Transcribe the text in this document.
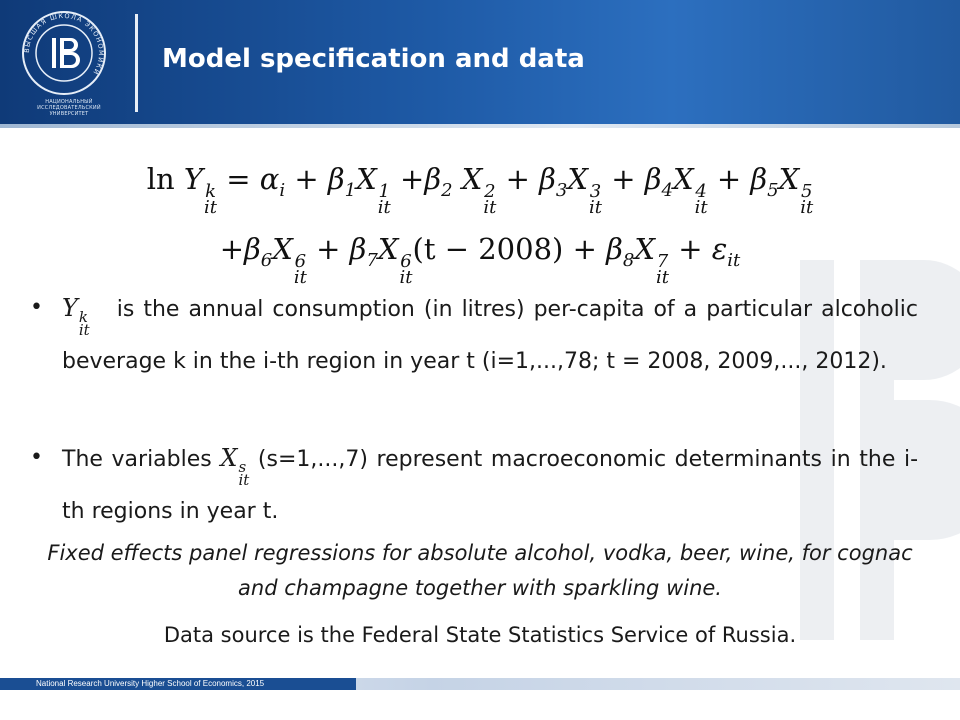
ВЫСШАЯ ШКОЛА ЭКОНОМИКИ
НАЦИОНАЛЬНЫЙ ИССЛЕДОВАТЕЛЬСКИЙ
УНИВЕРСИТЕТ
Model specification and data
ln Y k
it
= $\alpha_i + \beta_1X$ 1
it
$+\beta_2$ X 2
it
+ $\beta_3X$ 3
it
+ $\beta_4X$ 4
it
+ $\beta_5X$ 5
it
$+\beta_6X$ 6
it
+ $\beta_7X$ 6
it
$(t - 2008) + \beta_8X$ 7
it
+ $\varepsilon_{it}$
• Y k
it
is the annual consumption (in litres) per-capita of a particular alcoholic beverage k in the i-th region in year t (i=1,...,78; t = 2008, 2009,..., 2012).
• The variables X s
it
(s=1,...,7) represent macroeconomic determinants in the i-th regions in year t.
Fixed effects panel regressions for absolute alcohol, vodka, beer, wine, for cognac and champagne together with sparkling wine.
Data source is the Federal State Statistics Service of Russia.
National Research University Higher School of Economics, 2015
